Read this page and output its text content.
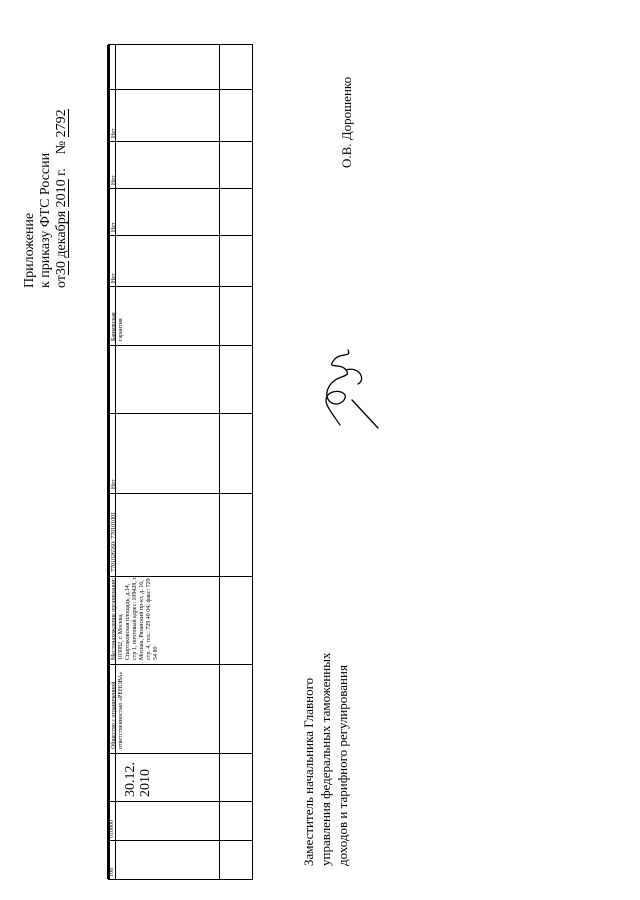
Приложение к приказу ФТС России от30 декабря 2010 г.    № 2792
108
010800
30.12.
2010
Общество с ограниченной ответственностью «РЕНОВА»
Местонахождение организации: 103082, г. Москва, Спартаковская площадь, д.14, стр 1, почтовый адрес: 109428, г. Москва, Рязанский пр-кт, д. 16, стр. 4, тел.: 729 40 04; факс: 729 54 80
7701026560/ 770101001
Нет
Банковская гарантия
Нет
Нет
Нет
Нет
Заместитель начальника Главного управления федеральных таможенных доходов и тарифного регулирования
О.В. Дорошенко
